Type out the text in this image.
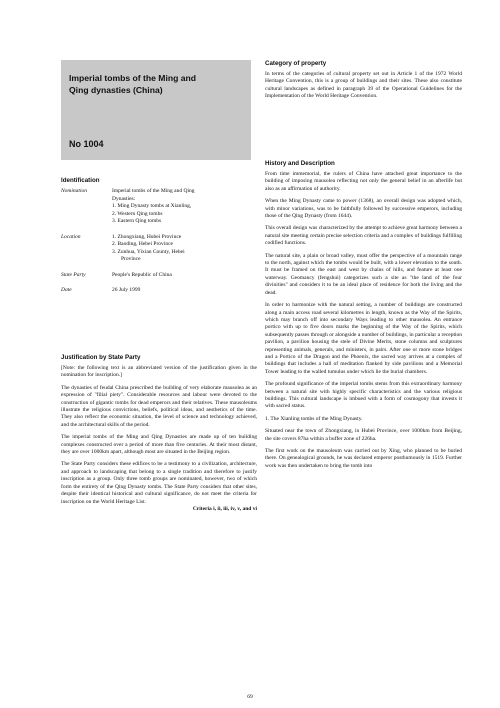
Imperial tombs of the Ming and
Qing dynasties (China)
No 1004
Identification
Nomination	Imperial tombs of the Ming and Qing
Dynasties:
1. Ming Dynasty tombs at Xianling,
2. Western Qing tombs
3. Eastern Qing tombs
Location	1. Zhongxiang, Hubei Province
2. Baoding, Hebei Province
3. Zunhua, Yixian County, Hebei
Province
State Party	People's Republic of China
Date	26 July 1999
Justification by State Party

[Note: the following text is an abbreviated version of the justification given in the nomination for inscription.]

The dynasties of feudal China prescribed the building of very elaborate mausolea as an expression of "filial piety". Considerable resources and labour were devoted to the construction of gigantic tombs for dead emperors and their relatives. These mausoleums illustrate the religious convictions, beliefs, political ideas, and aesthetics of the time. They also reflect the economic situation, the level of science and technology achieved, and the architectural skills of the period.

The imperial tombs of the Ming and Qing Dynasties are made up of ten building complexes constructed over a period of more than five centuries. At their most distant, they are over 1000km apart, although most are situated in the Beijing region.

The State Party considers these edifices to be a testimony to a civilization, architecture, and approach to landscaping that belong to a single tradition and therefore to justify inscription as a group. Only three tomb groups are nominated, however, two of which form the entirety of the Qing Dynasty tombs. The State Party considers that other sites, despite their identical historical and cultural significance, do not meet the criteria for inscription on the World Heritage List.

Criteria i, ii, iii, iv, v, and vi
Category of property

In terms of the categories of cultural property set out in Article 1 of the 1972 World Heritage Convention, this is a group of buildings and their sites. These also constitute cultural landscapes as defined in paragraph 39 of the Operational Guidelines for the Implementation of the World Heritage Convention.

History and Description

From time immemorial, the rulers of China have attached great importance to the building of imposing mausolea reflecting not only the general belief in an afterlife but also as an affirmation of authority.

When the Ming Dynasty came to power (1368), an overall design was adopted which, with minor variations, was to be faithfully followed by successive emperors, including those of the Qing Dynasty (from 1644).

This overall design was characterized by the attempt to achieve great harmony between a natural site meeting certain precise selection criteria and a complex of buildings fulfilling codified functions.

The natural site, a plain or broad valley, must offer the perspective of a mountain range to the north, against which the tombs would be built, with a lower elevation to the south. It must be framed on the east and west by chains of hills, and feature at least one waterway. Geomancy (fengshui) categorizes such a site as "the land of the four divinities" and considers it to be an ideal place of residence for both the living and the dead.

In order to harmonize with the natural setting, a number of buildings are constructed along a main access road several kilometres in length, known as the Way of the Spirits, which may branch off into secondary Ways leading to other mausolea. An entrance portico with up to five doors marks the beginning of the Way of the Spirits, which subsequently passes through or alongside a number of buildings, in particular a reception pavilion, a pavilion housing the stele of Divine Merits, stone columns and sculptures representing animals, generals, and ministers, in pairs. After one or more stone bridges and a Portico of the Dragon and the Phoenix, the sacred way arrives at a complex of buildings that includes a hall of meditation flanked by side pavilions and a Memorial Tower leading to the walled tumulus under which lie the burial chambers.

The profound significance of the imperial tombs stems from this extraordinary harmony between a natural site with highly specific characteristics and the various religious buildings. This cultural landscape is imbued with a form of cosmogony that invests it with sacred status.

1. The Xianling tombs of the Ming Dynasty.

Situated near the town of Zhongxiang, in Hubei Province, over 1000km from Beijing, the site covers 87ha within a buffer zone of 226ha.

The first work on the mausoleum was carried out by Xing, who planned to be buried there. On genealogical grounds, he was declared emperor posthumously in 1519. Further work was then undertaken to bring the tomb into

69
